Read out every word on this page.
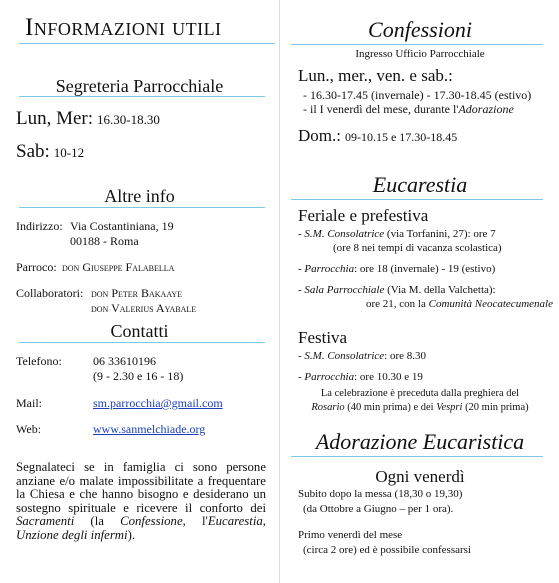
Informazioni utili
Segreteria Parrocchiale
Lun, Mer: 16.30-18.30
Sab: 10-12
Altre info
Indirizzo: Via Costantiniana, 19
00188 - Roma
Parroco: don Giuseppe Falabella
Collaboratori: don Peter Bakaaye
don Valerius Ayabale
Contatti
Telefono:	06 33610196
(9 - 2.30 e 16 - 18)
Mail:	sm.parrocchia@gmail.com
Web:	www.sanmelchiade.org
Segnalateci se in famiglia ci sono persone anziane e/o malate impossibilitate a frequentare la Chiesa e che hanno bisogno e desiderano un sostegno spirituale e ricevere il conforto dei Sacramenti (la Confessione, l'Eucarestia, Unzione degli infermi).
Confessioni
Ingresso Ufficio Parrocchiale
Lun., mer., ven. e sab.:
- 16.30-17.45 (invernale) - 17.30-18.45 (estivo)
- il I venerdì del mese, durante l'Adorazione
Dom.: 09-10.15 e 17.30-18.45
Eucarestia
Feriale e prefestiva
- S.M. Consolatrice (via Torfanini, 27): ore 7
(ore 8 nei tempi di vacanza scolastica)
- Parrocchia: ore 18 (invernale) - 19 (estivo)
- Sala Parrocchiale (Via M. della Valchetta):
ore 21, con la Comunità Neocatecumenale
Festiva
- S.M. Consolatrice: ore 8.30
- Parrocchia: ore 10.30 e 19
La celebrazione è preceduta dalla preghiera del
Rosario (40 min prima) e dei Vespri (20 min prima)
Adorazione Eucaristica
Ogni venerdì
Subito dopo la messa (18,30 o 19,30)
(da Ottobre a Giugno – per 1 ora).
Primo venerdì del mese
(circa 2 ore) ed è possibile confessarsi
